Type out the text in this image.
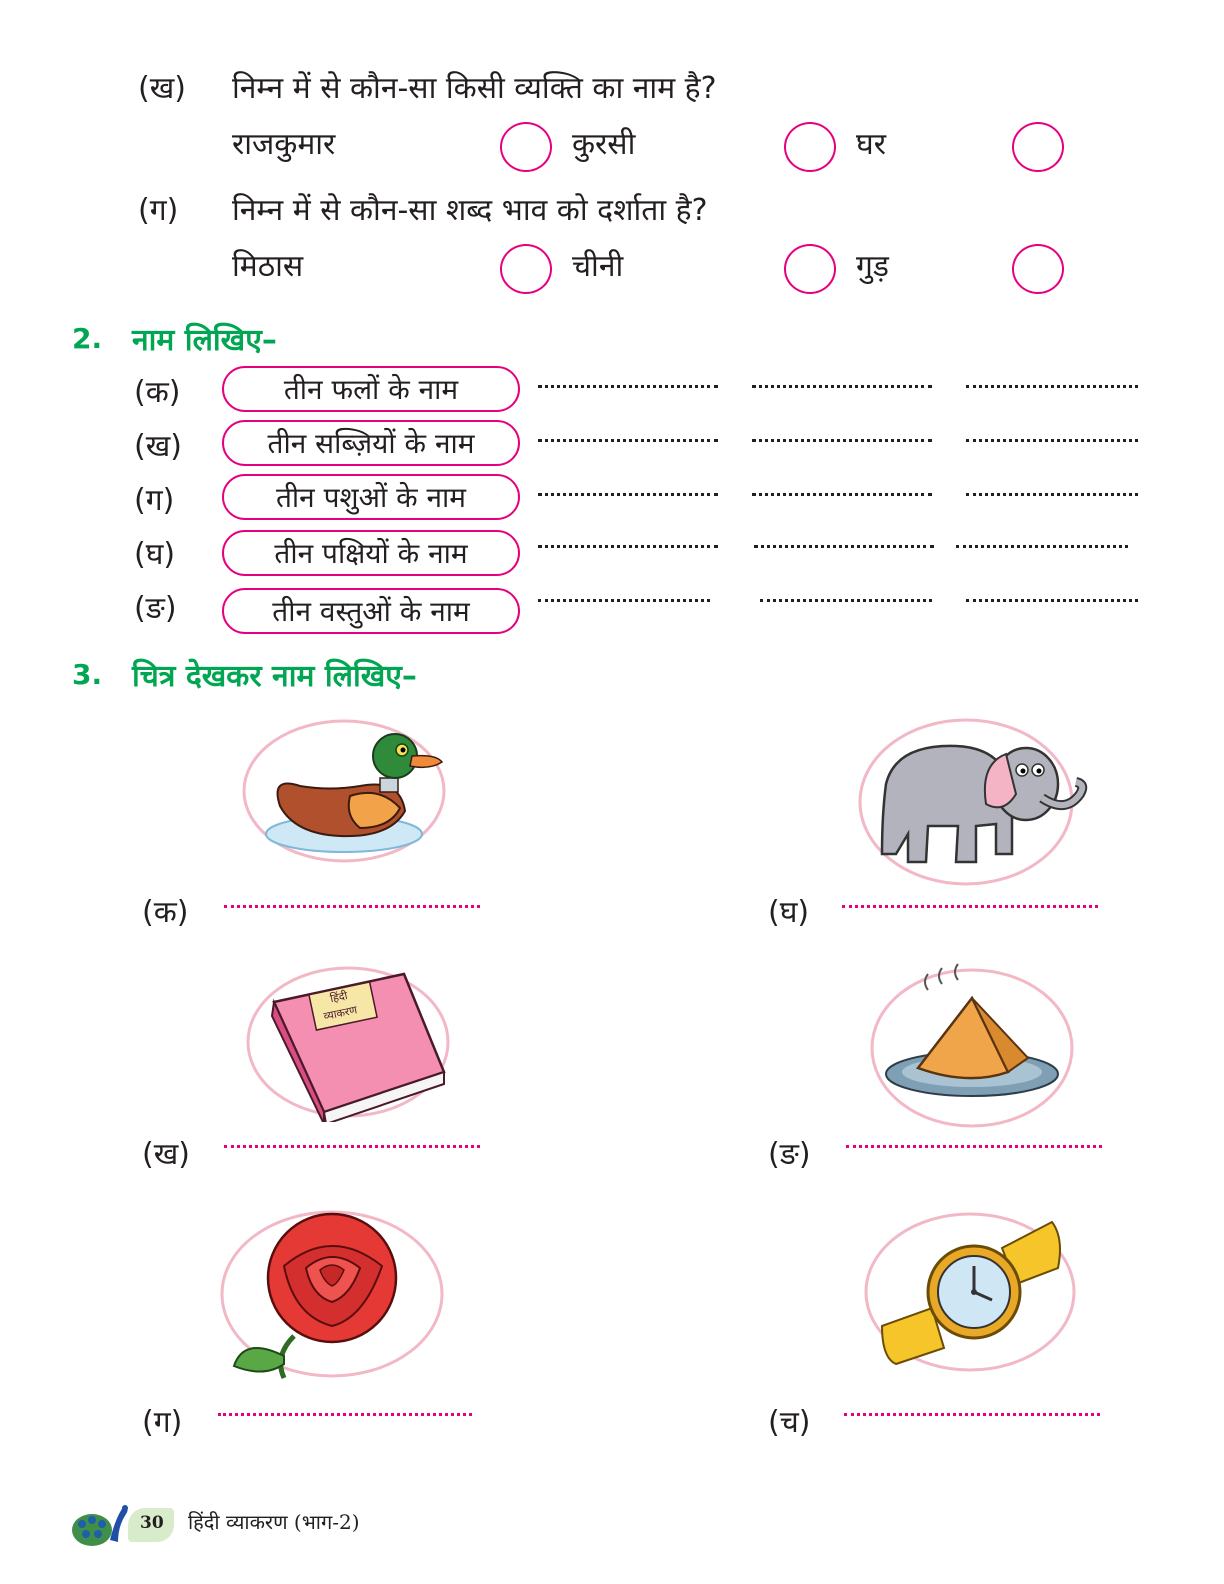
(ख) निम्न में से कौन-सा किसी व्यक्ति का नाम है?
राजकुमार	कुरसी	घर
(ग) निम्न में से कौन-सा शब्द भाव को दर्शाता है?
मिठास	चीनी	गुड़
2. नाम लिखिए–
(क)	तीन फलों के नाम
(ख)	तीन सब्ज़ियों के नाम
(ग)	तीन पशुओं के नाम
(घ)	तीन पक्षियों के नाम
(ङ)	तीन वस्तुओं के नाम
3. चित्र देखकर नाम लिखिए–
(क)
हिंदी
व्याकरण
(ख)
(ग)
(घ)
(ङ)
(च)
30 हिंदी व्याकरण (भाग-2)
